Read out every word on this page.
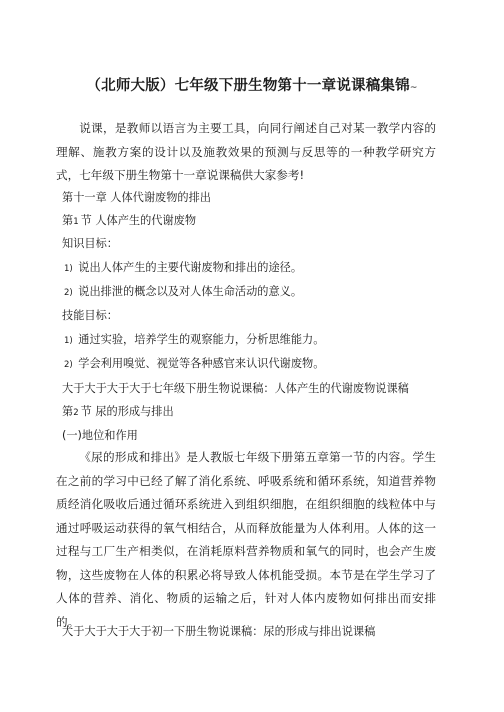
（北师大版）七年级下册生物第十一章说课稿集锦~

说课，是教师以语言为主要工具，向同行阐述自己对某一教学内容的理解、施教方案的设计以及施教效果的预测与反思等的一种教学研究方式，七年级下册生物第十一章说课稿供大家参考!

第十一章 人体代谢废物的排出

第1 节 人体产生的代谢废物

知识目标：

1) 说出人体产生的主要代谢废物和排出的途径。

2) 说出排泄的概念以及对人体生命活动的意义。

技能目标：

1) 通过实验，培养学生的观察能力，分析思维能力。

2) 学会利用嗅觉、视觉等各种感官来认识代谢废物。

大于大于大于大于七年级下册生物说课稿：人体产生的代谢废物说课稿

第2 节 尿的形成与排出

(一)地位和作用

《尿的形成和排出》是人教版七年级下册第五章第一节的内容。学生在之前的学习中已经了解了消化系统、呼吸系统和循环系统，知道营养物质经消化吸收后通过循环系统进入到组织细胞，在组织细胞的线粒体中与通过呼吸运动获得的氧气相结合，从而释放能量为人体利用。人体的这一过程与工厂生产相类似，在消耗原料营养物质和氧气的同时，也会产生废物，这些废物在人体的积累必将导致人体机能受损。本节是在学生学习了人体的营养、消化、物质的运输之后，针对人体内废物如何排出而安排的。

大于大于大于大于初一下册生物说课稿：尿的形成与排出说课稿
